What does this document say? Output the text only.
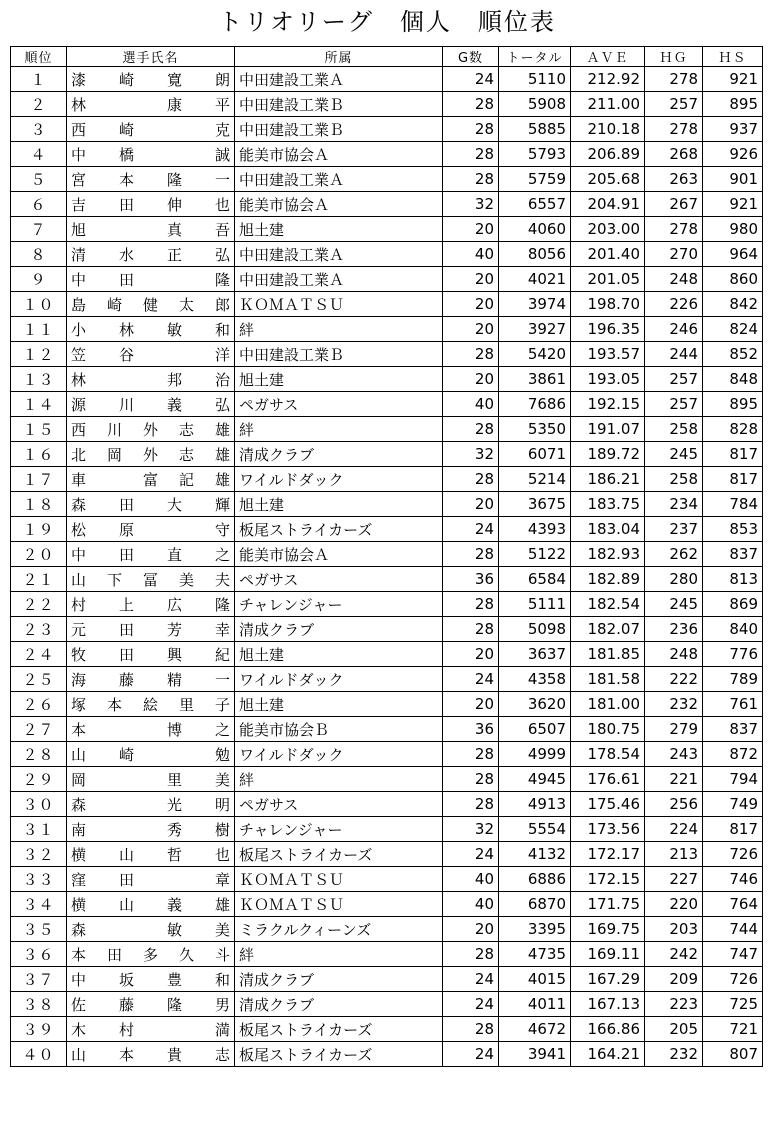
トリオリーグ　個人　順位表
順位	選手氏名	所属	G数	トータル	ＡＶＥ	ＨＧ	ＨＳ
１	漆崎寛朗	中田建設工業Ａ	24	5110	212.92	278	921
２	林　康平	中田建設工業Ｂ	28	5908	211.00	257	895
３	西崎　克	中田建設工業Ｂ	28	5885	210.18	278	937
４	中橋　誠	能美市協会Ａ	28	5793	206.89	268	926
５	宮本隆一	中田建設工業Ａ	28	5759	205.68	263	901
６	吉田伸也	能美市協会Ａ	32	6557	204.91	267	921
７	旭　真吾	旭土建	20	4060	203.00	278	980
８	清水正弘	中田建設工業Ａ	40	8056	201.40	270	964
９	中田　隆	中田建設工業Ａ	20	4021	201.05	248	860
１０	島崎健太郎	ＫＯＭＡＴＳＵ	20	3974	198.70	226	842
１１	小林敏和	絆	20	3927	196.35	246	824
１２	笠谷　洋	中田建設工業Ｂ	28	5420	193.57	244	852
１３	林　邦治	旭土建	20	3861	193.05	257	848
１４	源川義弘	ペガサス	40	7686	192.15	257	895
１５	西川外志雄	絆	28	5350	191.07	258	828
１６	北岡外志雄	清成クラブ	32	6071	189.72	245	817
１７	車　富記雄	ワイルドダック	28	5214	186.21	258	817
１８	森田大輝	旭土建	20	3675	183.75	234	784
１９	松原　守	板尾ストライカーズ	24	4393	183.04	237	853
２０	中田直之	能美市協会Ａ	28	5122	182.93	262	837
２１	山下冨美夫	ペガサス	36	6584	182.89	280	813
２２	村上広隆	チャレンジャー	28	5111	182.54	245	869
２３	元田芳幸	清成クラブ	28	5098	182.07	236	840
２４	牧田興紀	旭土建	20	3637	181.85	248	776
２５	海藤精一	ワイルドダック	24	4358	181.58	222	789
２６	塚本絵里子	旭土建	20	3620	181.00	232	761
２７	本　博之	能美市協会Ｂ	36	6507	180.75	279	837
２８	山崎　勉	ワイルドダック	28	4999	178.54	243	872
２９	岡　里美	絆	28	4945	176.61	221	794
３０	森　光明	ペガサス	28	4913	175.46	256	749
３１	南　秀樹	チャレンジャー	32	5554	173.56	224	817
３２	横山哲也	板尾ストライカーズ	24	4132	172.17	213	726
３３	窪田　章	ＫＯＭＡＴＳＵ	40	6886	172.15	227	746
３４	横山義雄	ＫＯＭＡＴＳＵ	40	6870	171.75	220	764
３５	森　敏美	ミラクルクィーンズ	20	3395	169.75	203	744
３６	本田多久斗	絆	28	4735	169.11	242	747
３７	中坂豊和	清成クラブ	24	4015	167.29	209	726
３８	佐藤隆男	清成クラブ	24	4011	167.13	223	725
３９	木村　満	板尾ストライカーズ	28	4672	166.86	205	721
４０	山本貴志	板尾ストライカーズ	24	3941	164.21	232	807
